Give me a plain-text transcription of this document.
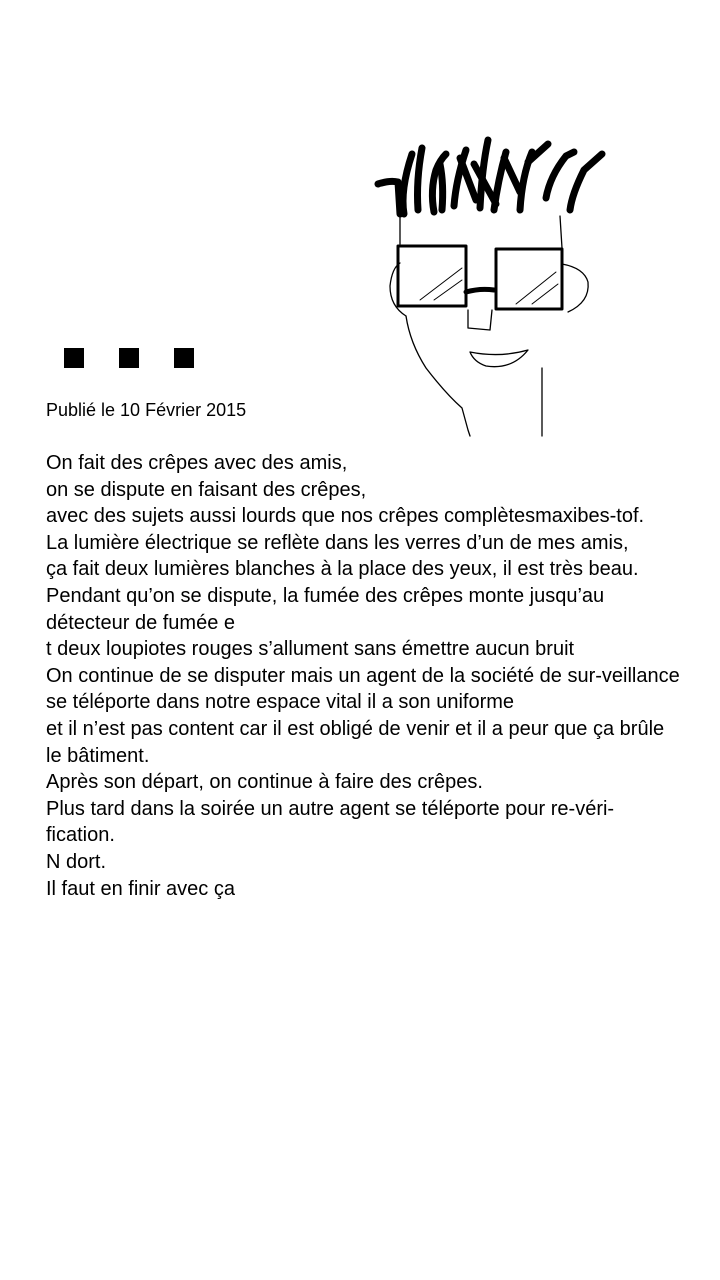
Publié le 10 Février 2015

On fait des crêpes avec des amis,
on se dispute en faisant des crêpes,
avec des sujets aussi lourds que nos crêpes complètesmaxibes-tof.
La lumière électrique se reflète dans les verres d’un de mes amis,
ça fait deux lumières blanches à la place des yeux, il est très beau.
Pendant qu’on se dispute, la fumée des crêpes monte jusqu’au détecteur de fumée e
t deux loupiotes rouges s’allument sans émettre aucun bruit
On continue de se disputer mais un agent de la société de sur-veillance
se téléporte dans notre espace vital il a son uniforme
et il n’est pas content car il est obligé de venir et il a peur que ça brûle le bâtiment.
Après son départ, on continue à faire des crêpes.
Plus tard dans la soirée un autre agent se téléporte pour re-véri-fication.
N dort.
Il faut en finir avec ça
